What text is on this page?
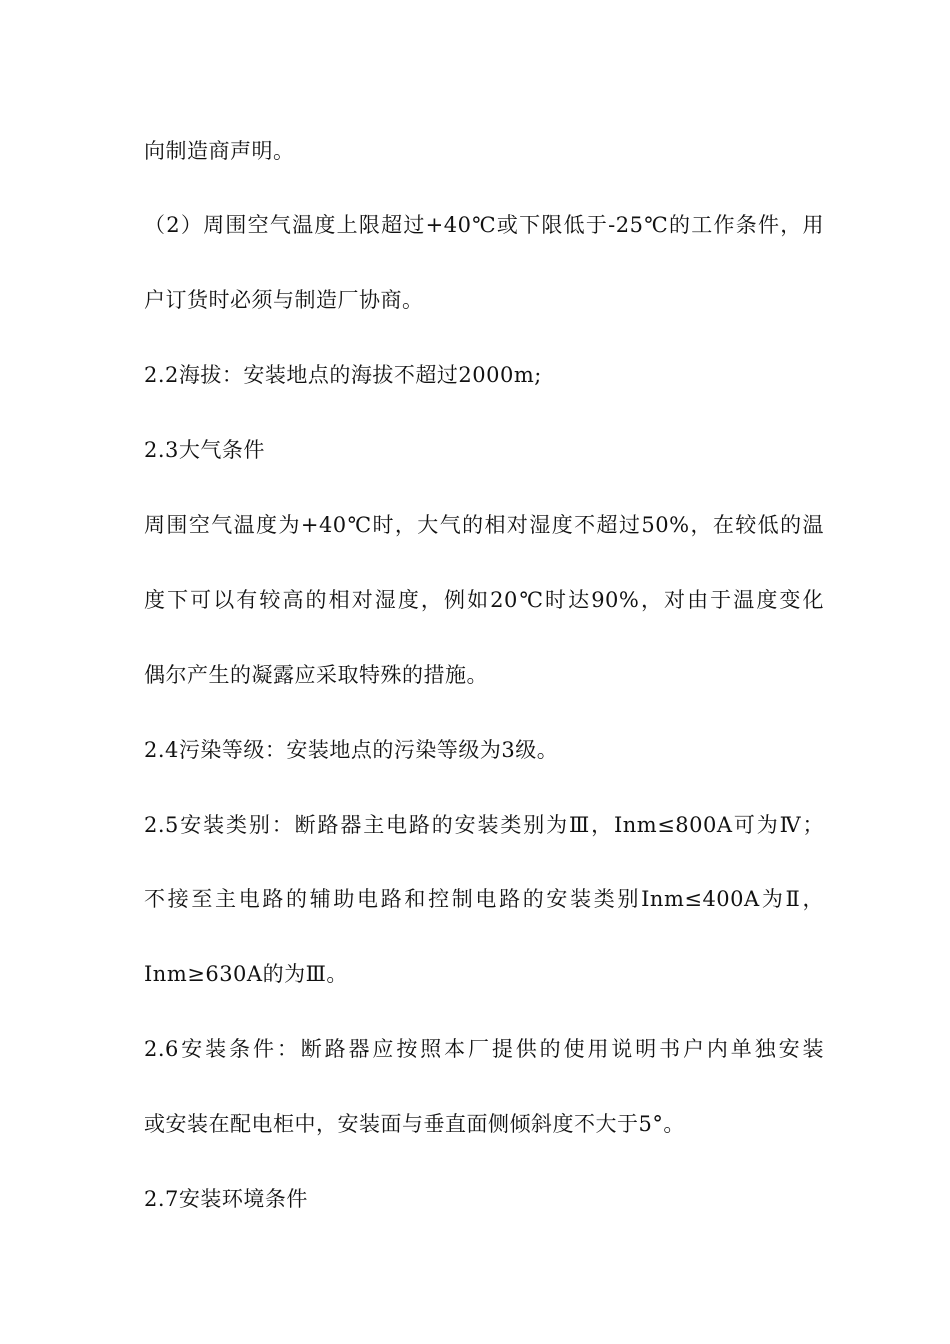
向制造商声明。
（2）周围空气温度上限超过+40℃或下限低于-25℃的工作条件，用
户订货时必须与制造厂协商。
2.2海拔：安装地点的海拔不超过2000m;
2.3大气条件
周围空气温度为+40℃时，大气的相对湿度不超过50%，在较低的温
度下可以有较高的相对湿度，例如20℃时达90%，对由于温度变化
偶尔产生的凝露应采取特殊的措施。
2.4污染等级：安装地点的污染等级为3级。
2.5安装类别：断路器主电路的安装类别为Ⅲ，Inm≤800A可为Ⅳ；
不接至主电路的辅助电路和控制电路的安装类别Inm≤400A为Ⅱ，
Inm≥630A的为Ⅲ。
2.6安装条件：断路器应按照本厂提供的使用说明书户内单独安装
或安装在配电柜中，安装面与垂直面侧倾斜度不大于5°。
2.7安装环境条件
